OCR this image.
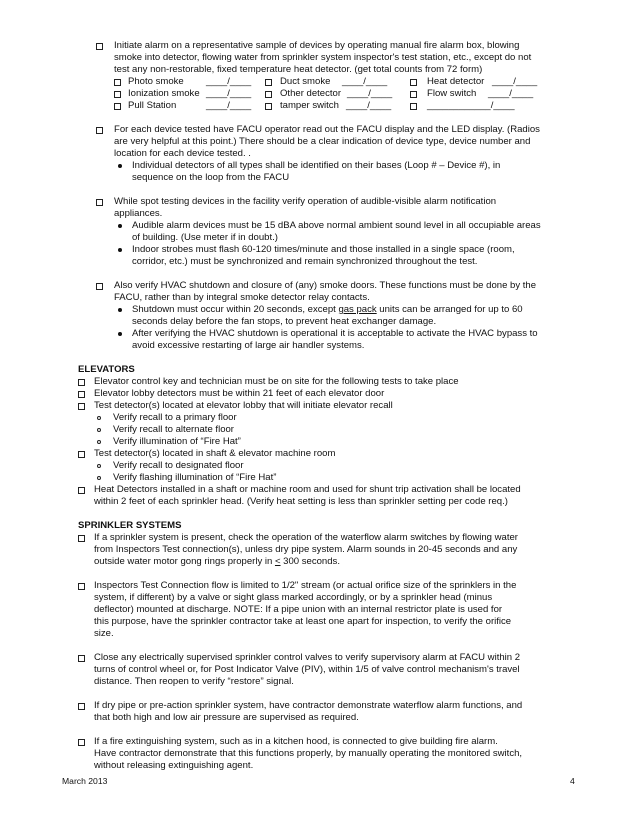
Initiate alarm on a representative sample of devices by operating manual fire alarm box, blowing
smoke into detector, flowing water from sprinkler system inspector's test station, etc., except do not
test any non-restorable, fixed temperature heat detector. (get total counts from 72 form)
Photo smoke ____/____	Duct smoke ____/____	Heat detector ____/____
Ionization smoke ____/____	Other detector ____/____	Flow switch ____/____
Pull Station	____/____	tamper switch ____/____	____________/____
For each device tested have FACU operator read out the FACU display and the LED display. (Radios
are very helpful at this point.) There should be a clear indication of device type, device number and
location for each device tested. .
Individual detectors of all types shall be identified on their bases (Loop # – Device #), in
sequence on the loop from the FACU
While spot testing devices in the facility verify operation of audible-visible alarm notification
appliances.
Audible alarm devices must be 15 dBA above normal ambient sound level in all occupiable areas
of building. (Use meter if in doubt.)
Indoor strobes must flash 60-120 times/minute and those installed in a single space (room,
corridor, etc.) must be synchronized and remain synchronized throughout the test.
Also verify HVAC shutdown and closure of (any) smoke doors. These functions must be done by the
FACU, rather than by integral smoke detector relay contacts.
Shutdown must occur within 20 seconds, except gas pack units can be arranged for up to 60
seconds delay before the fan stops, to prevent heat exchanger damage.
After verifying the HVAC shutdown is operational it is acceptable to activate the HVAC bypass to
avoid excessive restarting of large air handler systems.
ELEVATORS
Elevator control key and technician must be on site for the following tests to take place
Elevator lobby detectors must be within 21 feet of each elevator door
Test detector(s) located at elevator lobby that will initiate elevator recall
Verify recall to a primary floor
Verify recall to alternate floor
Verify illumination of “Fire Hat”
Test detector(s) located in shaft & elevator machine room
Verify recall to designated floor
Verify flashing illumination of “Fire Hat”
Heat Detectors installed in a shaft or machine room and used for shunt trip activation shall be located
within 2 feet of each sprinkler head. (Verify heat setting is less than sprinkler setting per code req.)
SPRINKLER SYSTEMS
If a sprinkler system is present, check the operation of the waterflow alarm switches by flowing water
from Inspectors Test connection(s), unless dry pipe system. Alarm sounds in 20-45 seconds and any
outside water motor gong rings properly in < 300 seconds.
Inspectors Test Connection flow is limited to 1/2" stream (or actual orifice size of the sprinklers in the
system, if different) by a valve or sight glass marked accordingly, or by a sprinkler head (minus
deflector) mounted at discharge. NOTE: If a pipe union with an internal restrictor plate is used for
this purpose, have the sprinkler contractor take at least one apart for inspection, to verify the orifice
size.
Close any electrically supervised sprinkler control valves to verify supervisory alarm at FACU within 2
turns of control wheel or, for Post Indicator Valve (PIV), within 1/5 of valve control mechanism's travel
distance. Then reopen to verify “restore” signal.
If dry pipe or pre-action sprinkler system, have contractor demonstrate waterflow alarm functions, and
that both high and low air pressure are supervised as required.
If a fire extinguishing system, such as in a kitchen hood, is connected to give building fire alarm.
Have contractor demonstrate that this functions properly, by manually operating the monitored switch,
without releasing extinguishing agent.
March 2013	4
